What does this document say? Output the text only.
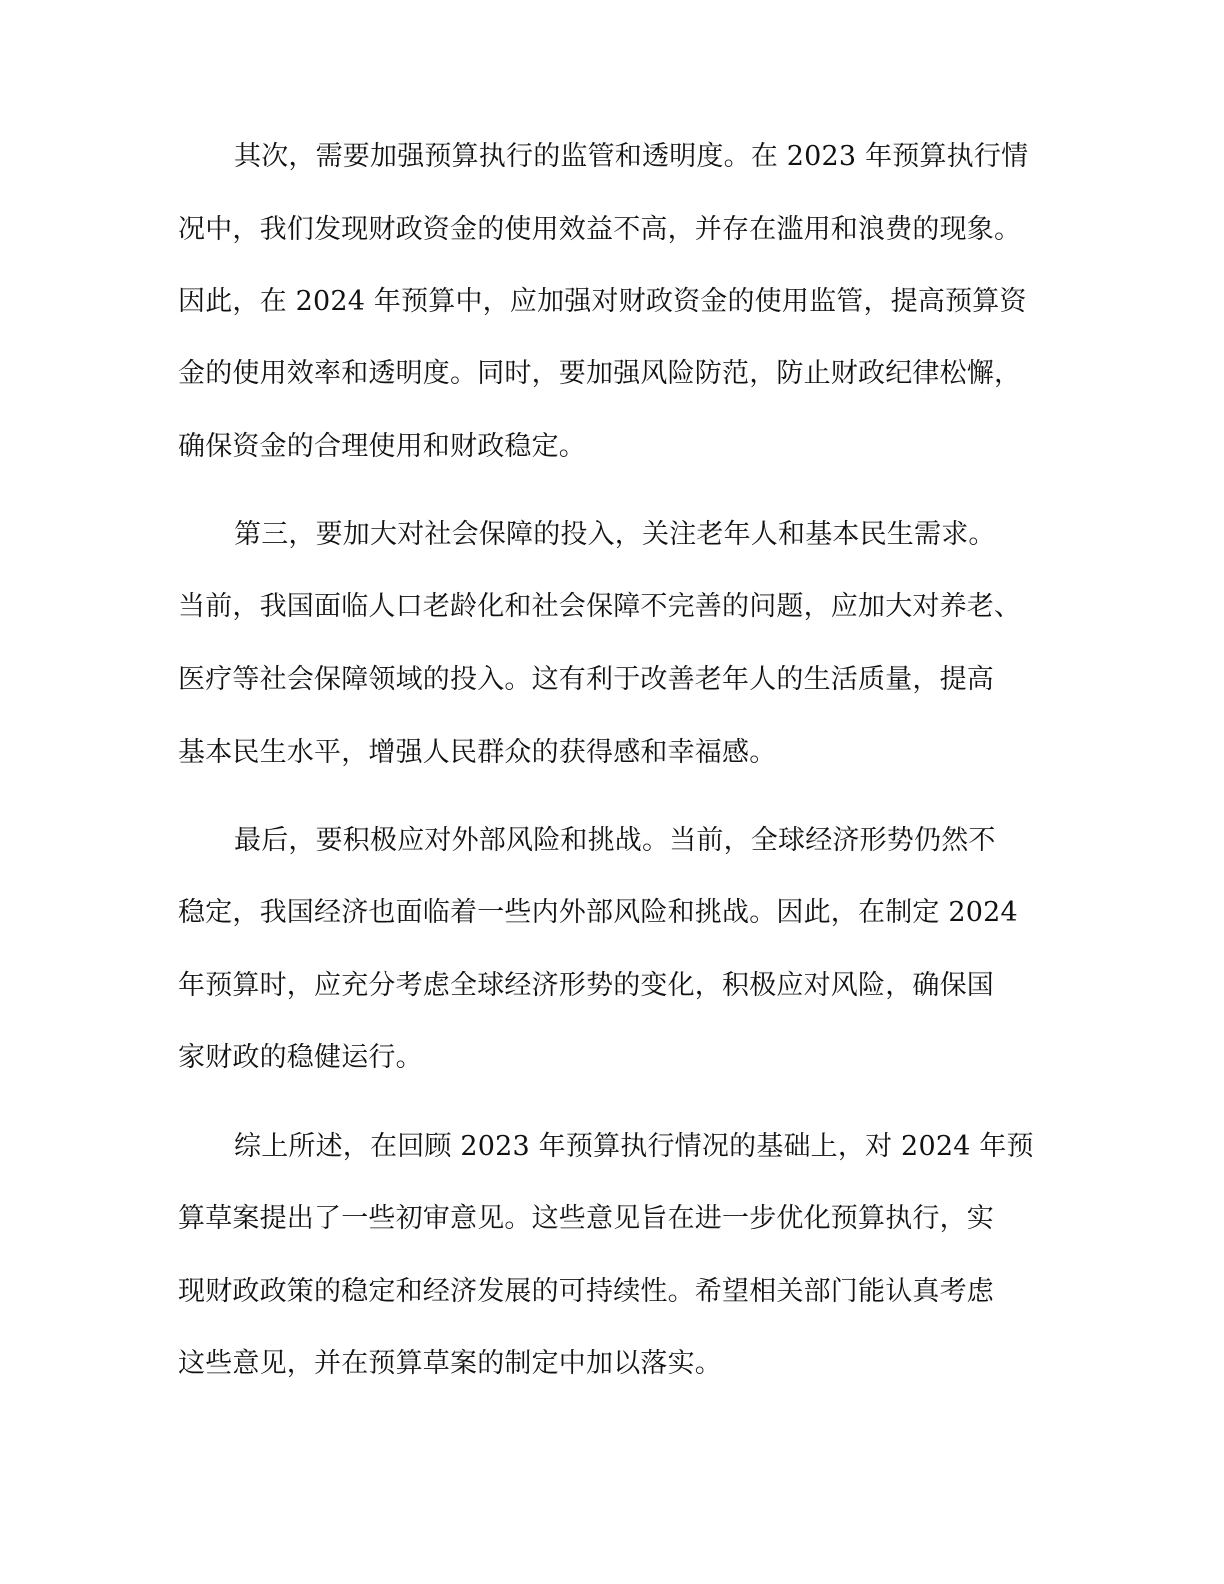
其次，需要加强预算执行的监管和透明度。在 2023 年预算执行情
况中，我们发现财政资金的使用效益不高，并存在滥用和浪费的现象。
因此，在 2024 年预算中，应加强对财政资金的使用监管，提高预算资
金的使用效率和透明度。同时，要加强风险防范，防止财政纪律松懈，
确保资金的合理使用和财政稳定。
第三，要加大对社会保障的投入，关注老年人和基本民生需求。
当前，我国面临人口老龄化和社会保障不完善的问题，应加大对养老、
医疗等社会保障领域的投入。这有利于改善老年人的生活质量，提高
基本民生水平，增强人民群众的获得感和幸福感。
最后，要积极应对外部风险和挑战。当前，全球经济形势仍然不
稳定，我国经济也面临着一些内外部风险和挑战。因此，在制定 2024
年预算时，应充分考虑全球经济形势的变化，积极应对风险，确保国
家财政的稳健运行。
综上所述，在回顾 2023 年预算执行情况的基础上，对 2024 年预
算草案提出了一些初审意见。这些意见旨在进一步优化预算执行，实
现财政政策的稳定和经济发展的可持续性。希望相关部门能认真考虑
这些意见，并在预算草案的制定中加以落实。
